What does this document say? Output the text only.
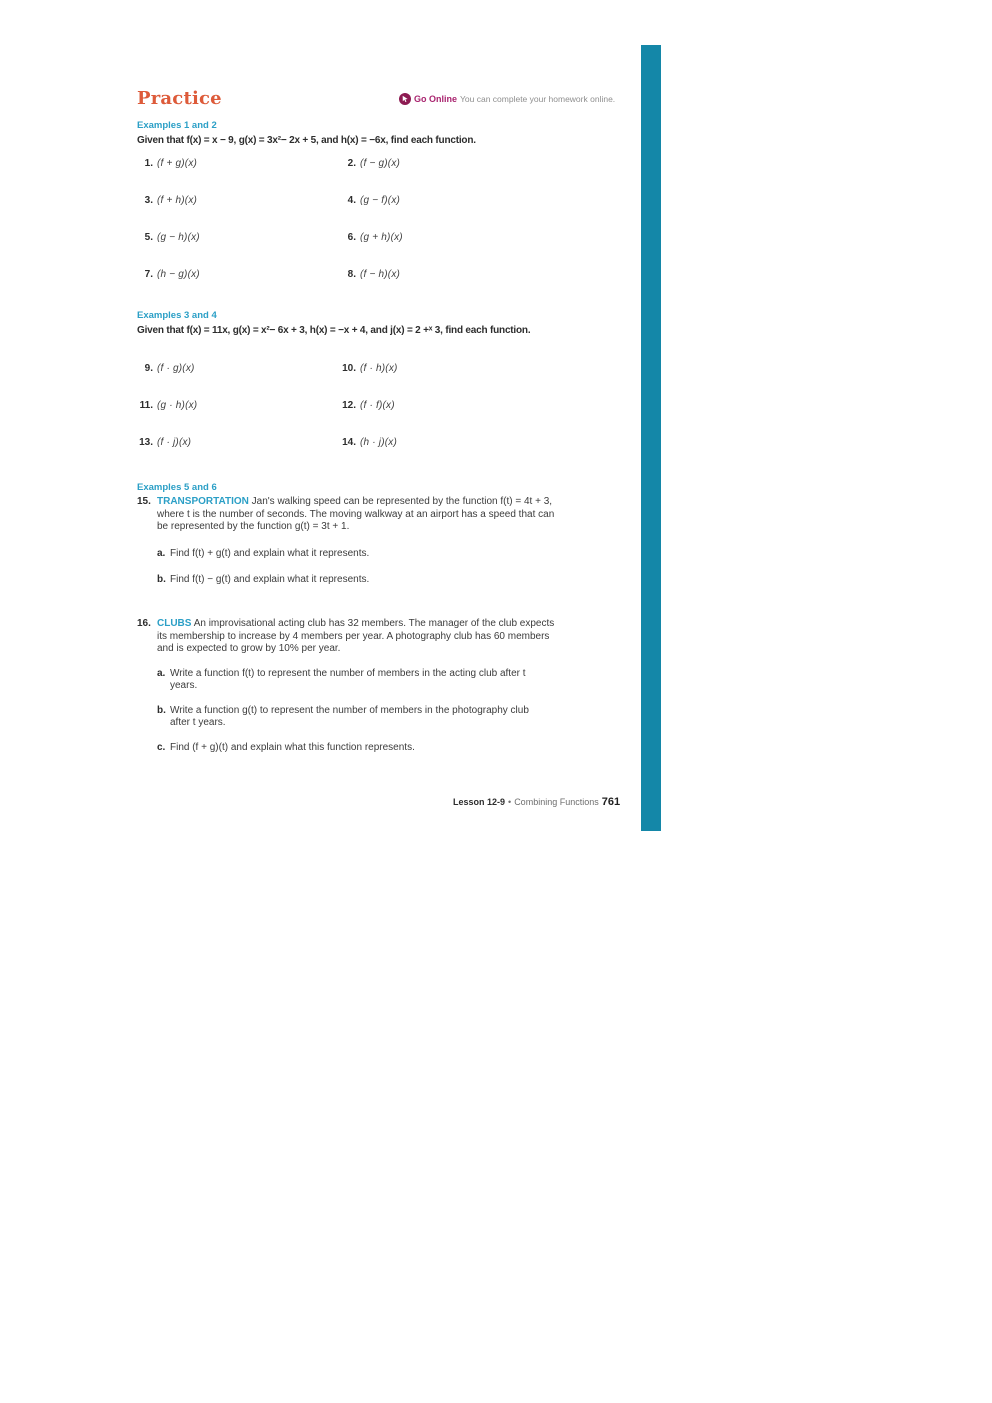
Practice	Go Online You can complete your homework online.
Examples 1 and 2
Given that f(x) = x − 9, g(x) = 3x²− 2x + 5, and h(x) = −6x, find each function.
1. (f + g)(x)	2. (f − g)(x)
3. (f + h)(x)	4. (g − f)(x)
5. (g − h)(x)	6. (g + h)(x)
7. (h − g)(x)	8. (f − h)(x)
Examples 3 and 4
Given that f(x) = 11x, g(x) = x²− 6x + 3, h(x) = −x + 4, and j(x) = 2 +ˣ 3, find each function.
9. (f · g)(x)	10. (f · h)(x)
11. (g · h)(x)	12. (f · f)(x)
13. (f · j)(x)	14. (h · j)(x)
Examples 5 and 6
15. TRANSPORTATION Jan's walking speed can be represented by the function f(t) = 4t + 3, where t is the number of seconds. The moving walkway at an airport has a speed that can be represented by the function g(t) = 3t + 1.

a. Find f(t) + g(t) and explain what it represents.
b. Find f(t) − g(t) and explain what it represents.
16. CLUBS An improvisational acting club has 32 members. The manager of the club expects its membership to increase by 4 members per year. A photography club has 60 members and is expected to grow by 10% per year.

a. Write a function f(t) to represent the number of members in the acting club after t years.
b. Write a function g(t) to represent the number of members in the photography club after t years.
c. Find (f + g)(t) and explain what this function represents.
Lesson 12-9 • Combining Functions 761
